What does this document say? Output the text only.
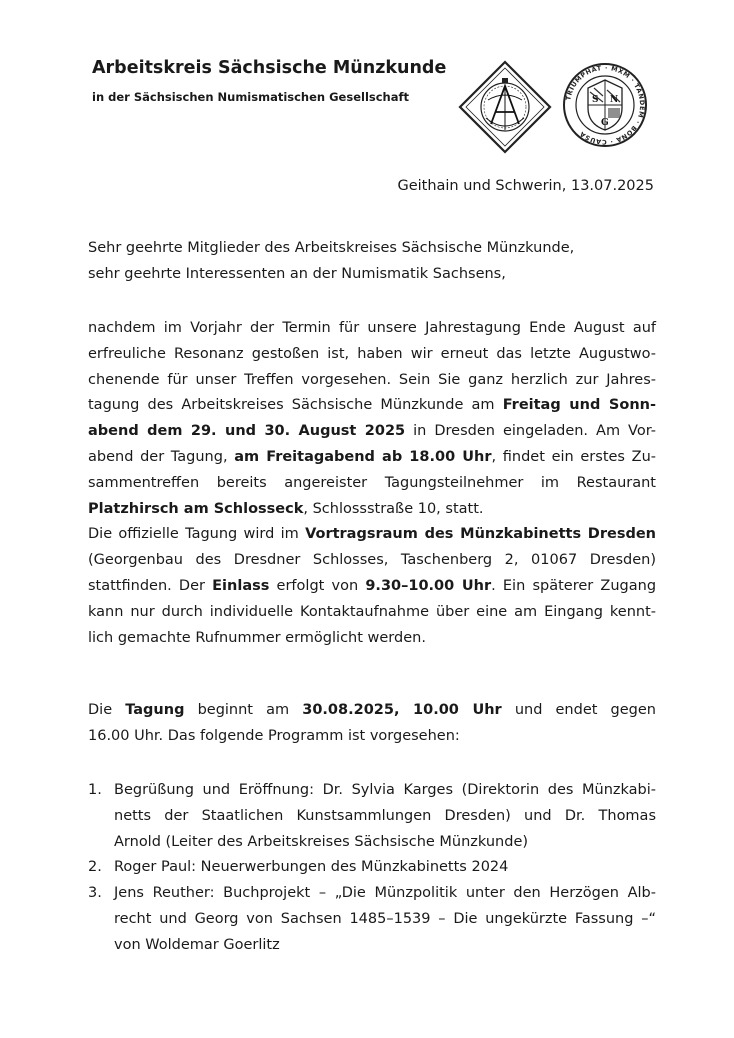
Arbeitskreis Sächsische Münzkunde
in der Sächsischen Numismatischen Gesellschaft	TRIUMPHAT · MXM · TANDEM · BONA · CAUSA
S N
G
Geithain und Schwerin, 13.07.2025
Sehr geehrte Mitglieder des Arbeitskreises Sächsische Münzkunde,
sehr geehrte Interessenten an der Numismatik Sachsens,
nachdem im Vorjahr der Termin für unsere Jahrestagung Ende August auf
erfreuliche Resonanz gestoßen ist, haben wir erneut das letzte Augustwo-
chenende für unser Treffen vorgesehen. Sein Sie ganz herzlich zur Jahres-
tagung des Arbeitskreises Sächsische Münzkunde am Freitag und Sonn-
abend dem 29. und 30. August 2025 in Dresden eingeladen. Am Vor-
abend der Tagung, am Freitagabend ab 18.00 Uhr, findet ein erstes Zu-
sammentreffen bereits angereister Tagungsteilnehmer im Restaurant
Platzhirsch am Schlosseck, Schlossstraße 10, statt.
Die offizielle Tagung wird im Vortragsraum des Münzkabinetts Dresden
(Georgenbau des Dresdner Schlosses, Taschenberg 2, 01067 Dresden)
stattfinden. Der Einlass erfolgt von 9.30–10.00 Uhr. Ein späterer Zugang
kann nur durch individuelle Kontaktaufnahme über eine am Eingang kennt-
lich gemachte Rufnummer ermöglicht werden.
Die Tagung beginnt am 30.08.2025, 10.00 Uhr und endet gegen
16.00 Uhr. Das folgende Programm ist vorgesehen:
1. Begrüßung und Eröffnung: Dr. Sylvia Karges (Direktorin des Münzkabi-
netts der Staatlichen Kunstsammlungen Dresden) und Dr. Thomas
Arnold (Leiter des Arbeitskreises Sächsische Münzkunde)
2. Roger Paul: Neuerwerbungen des Münzkabinetts 2024
3. Jens Reuther: Buchprojekt – „Die Münzpolitik unter den Herzögen Alb-
recht und Georg von Sachsen 1485–1539 – Die ungekürzte Fassung –“
von Woldemar Goerlitz
